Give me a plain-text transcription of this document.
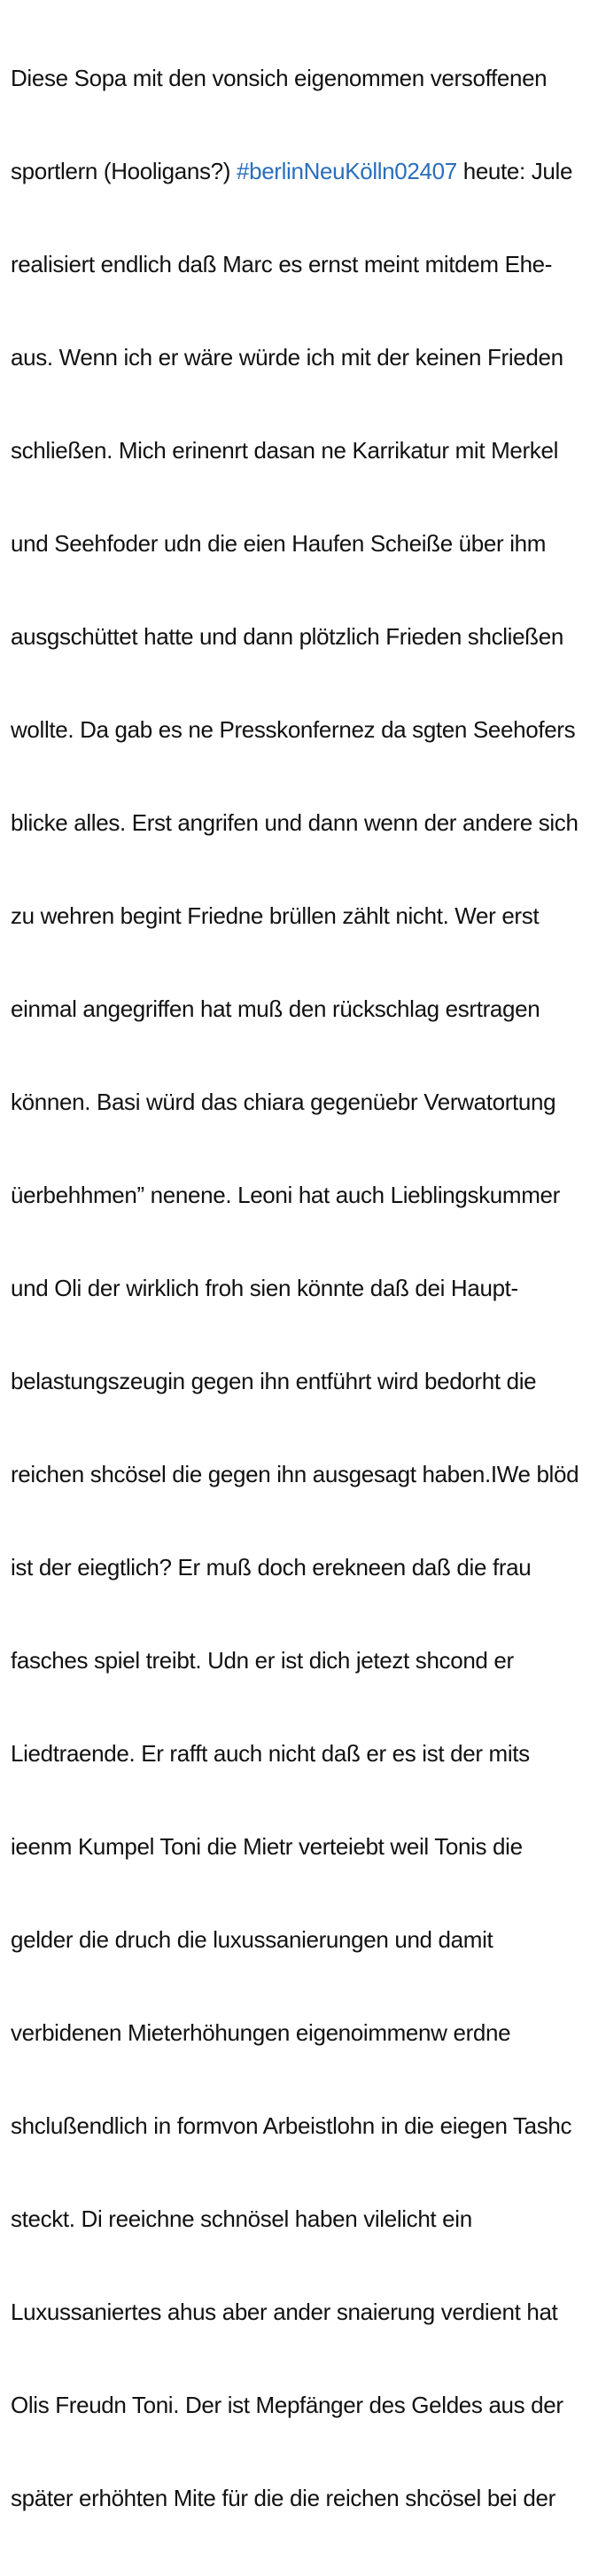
Diese Sopa mit den vonsich eigenommen versoffenen

sportlern (Hooligans?) #berlinNeuKölln02407 heute: Jule

realisiert endlich daß Marc es ernst meint mitdem Ehe-

aus. Wenn ich er wäre würde ich mit der keinen Frieden

schließen. Mich erinenrt dasan ne Karrikatur mit Merkel

und Seehfoder udn die eien Haufen Scheiße über ihm

ausgschüttet hatte und dann plötzlich Frieden shcließen

wollte. Da gab es ne Presskonfernez da sgten Seehofers

blicke alles. Erst angrifen und dann wenn der andere sich

zu wehren begint Friedne brüllen zählt nicht. Wer erst

einmal angegriffen hat muß den rückschlag esrtragen

können. Basi würd das chiara gegenüebr Verwatortung

üerbehhmen” nenene. Leoni hat auch Lieblingskummer

und Oli der wirklich froh sien könnte daß dei Haupt-

belastungszeugin gegen ihn entführt wird bedorht die

reichen shcösel die gegen ihn ausgesagt haben.IWe blöd

ist der eiegtlich? Er muß doch erekneen daß die frau

fasches spiel treibt. Udn er ist dich jetezt shcond er

Liedtraende. Er rafft auch nicht daß er es ist der mits

ieenm Kumpel Toni die Mietr verteiebt weil Tonis die

gelder die druch die luxussanierungen und damit

verbidenen Mieterhöhungen eigenoimmenw erdne

shclußendlich in formvon Arbeistlohn in die eiegen Tashc

steckt. Di reeichne schnösel haben vilelicht ein

Luxussaniertes ahus aber ander snaierung verdient hat

Olis Freudn Toni. Der ist Mepfänger des Geldes aus der

später erhöhten Mite für die die reichen shcösel bei der
